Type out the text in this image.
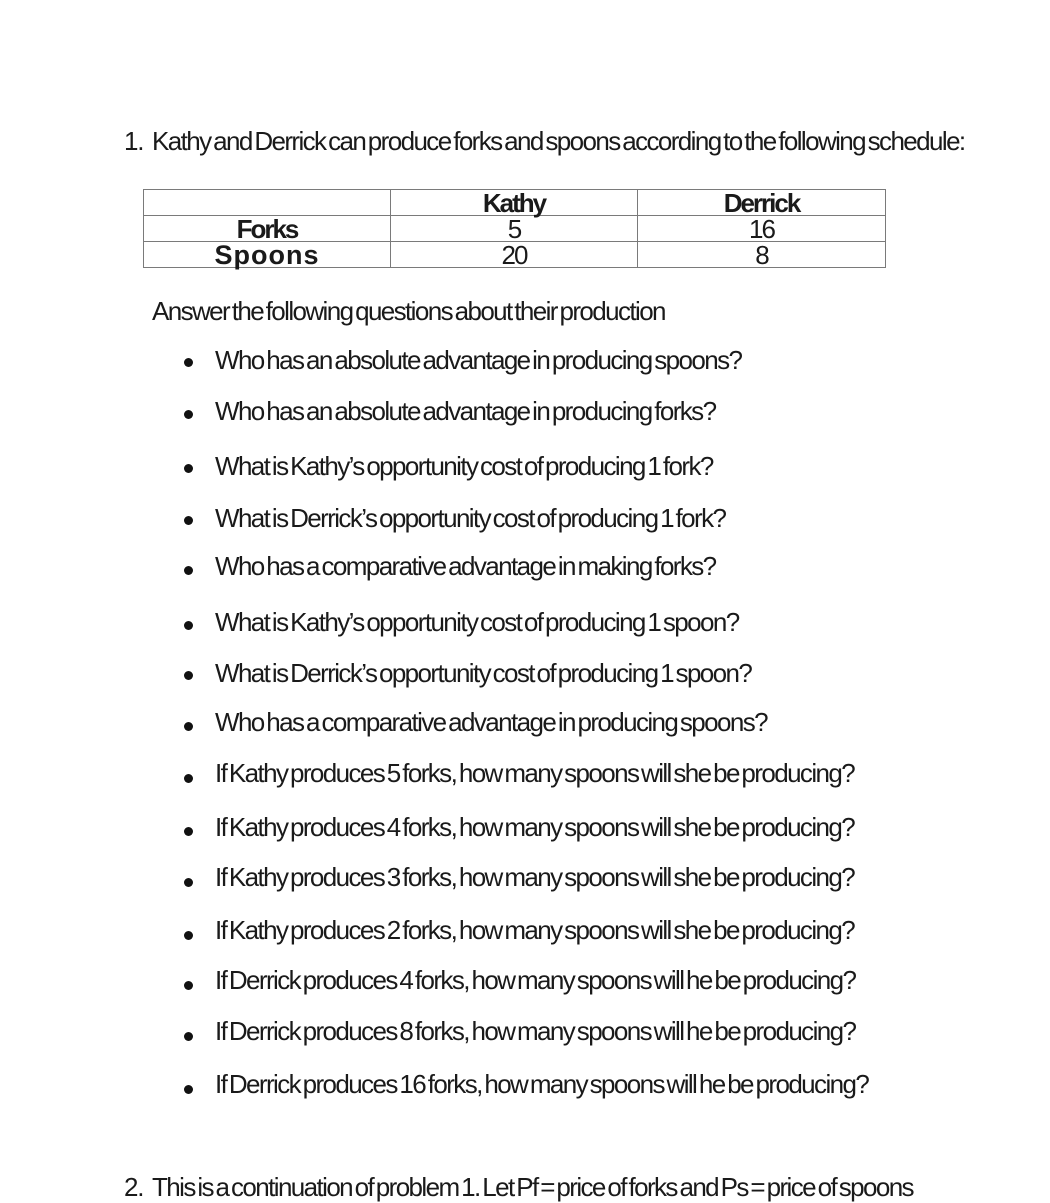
1. Kathy and Derrick can produce forks and spoons according to the following schedule:
	Kathy	Derrick
Forks	5	16
Spoons	20	8
Answer the following questions about their production
Who has an absolute advantage in producing spoons?
Who has an absolute advantage in producing forks?
What is Kathy’s opportunity cost of producing 1 fork?
What is Derrick’s opportunity cost of producing 1 fork?
Who has a comparative advantage in making forks?
What is Kathy’s opportunity cost of producing 1 spoon?
What is Derrick’s opportunity cost of producing 1 spoon?
Who has a comparative advantage in producing spoons?
If Kathy produces 5 forks, how many spoons will she be producing?
If Kathy produces 4 forks, how many spoons will she be producing?
If Kathy produces 3 forks, how many spoons will she be producing?
If Kathy produces 2 forks, how many spoons will she be producing?
If Derrick produces 4 forks, how many spoons will he be producing?
If Derrick produces 8 forks, how many spoons will he be producing?
If Derrick produces 16 forks, how many spoons will he be producing?
2. This is a continuation of problem 1. Let Pf = price of forks and Ps = price of spoons
